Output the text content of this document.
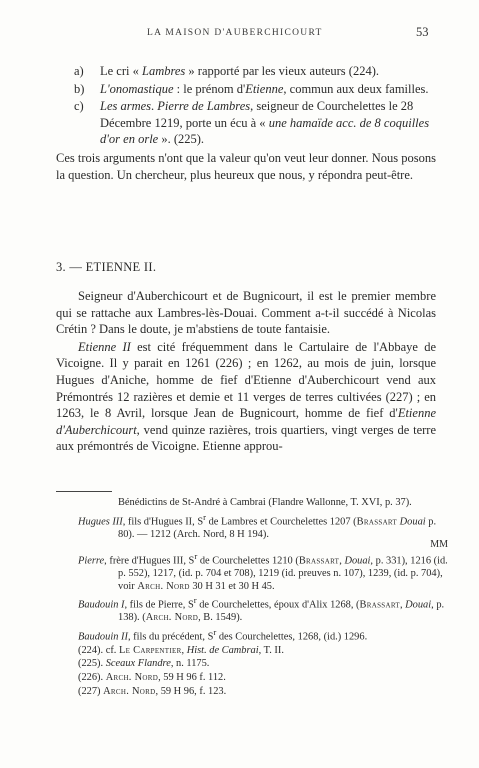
LA MAISON D'AUBERCHICOURT	53
a) Le cri « Lambres » rapporté par les vieux auteurs (224).
b) L'onomastique : le prénom d'Etienne, commun aux deux familles.
c) Les armes. Pierre de Lambres, seigneur de Courchelettes le 28 Décembre 1219, porte un écu à « une hamaïde acc. de 8 coquilles d'or en orle ». (225).
Ces trois arguments n'ont que la valeur qu'on veut leur donner. Nous posons la question. Un chercheur, plus heureux que nous, y répondra peut-être.
3. — ETIENNE II.
Seigneur d'Auberchicourt et de Bugnicourt, il est le premier membre qui se rattache aux Lambres-lès-Douai. Comment a-t-il succédé à Nicolas Crétin ? Dans le doute, je m'abstiens de toute fantaisie.
Etienne II est cité fréquemment dans le Cartulaire de l'Abbaye de Vicoigne. Il y parait en 1261 (226) ; en 1262, au mois de juin, lorsque Hugues d'Aniche, homme de fief d'Etienne d'Auberchicourt vend aux Prémontrés 12 razières et demie et 11 verges de terres cultivées (227) ; en 1263, le 8 Avril, lorsque Jean de Bugnicourt, homme de fief d'Etienne d'Auberchicourt, vend quinze razières, trois quartiers, vingt verges de terre aux prémontrés de Vicoigne. Etienne approu-
Bénédictins de St-André à Cambrai (Flandre Wallonne, T. XVI, p. 37).
Hugues III, fils d'Hugues II, $S^r$ de Lambres et Courchelettes 1207 (Brassart Douai p. 80). — 1212 (Arch. Nord, 8 H 194).
MM
Pierre, frère d'Hugues III, $S^r$ de Courchelettes 1210 (Brassart, Douai, p. 331), 1216 (id. p. 552), 1217, (id. p. 704 et 708), 1219 (id. preuves n. 107), 1239, (id. p. 704), voir Arch. Nord 30 H 31 et 30 H 45.
Baudouin I, fils de Pierre, $S^r$ de Courchelettes, époux d'Alix 1268, (Brassart, Douai, p. 138). (Arch. Nord, B. 1549).
Baudouin II, fils du précédent, $S^r$ des Courchelettes, 1268, (id.) 1296.
(224). cf. Le Carpentier, Hist. de Cambrai, T. II.
(225). Sceaux Flandre, n. 1175.
(226). Arch. Nord, 59 H 96 f. 112.
(227) Arch. Nord, 59 H 96, f. 123.
